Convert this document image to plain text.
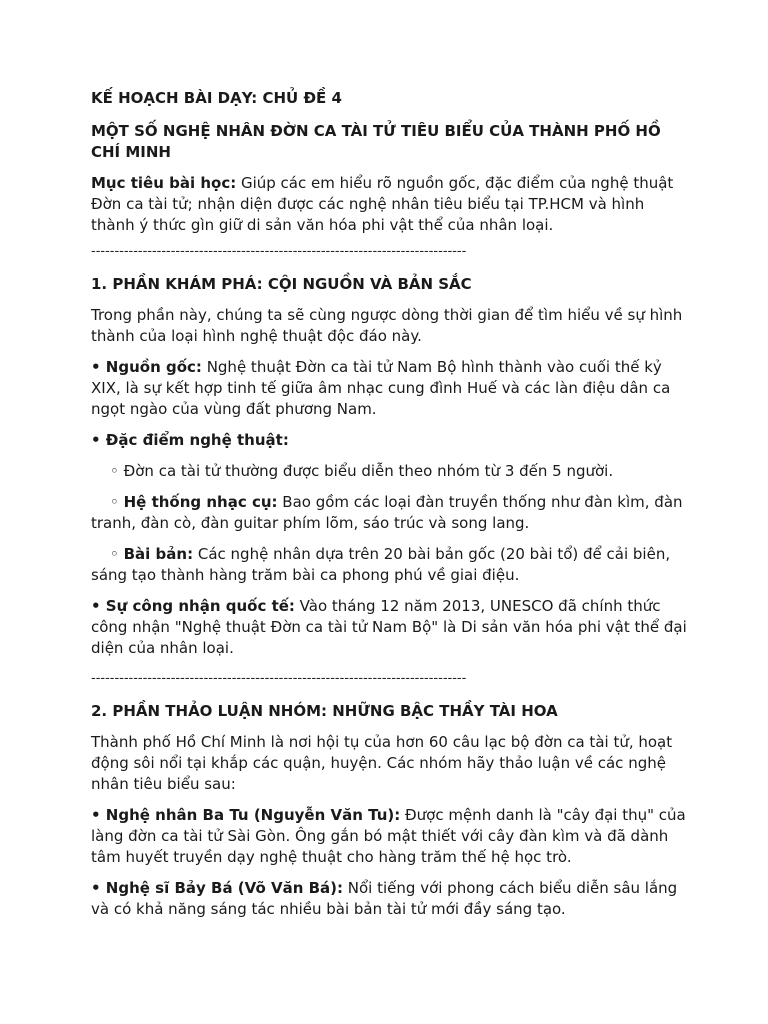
KẾ HOẠCH BÀI DẠY: CHỦ ĐỀ 4

MỘT SỐ NGHỆ NHÂN ĐỜN CA TÀI TỬ TIÊU BIỂU CỦA THÀNH PHỐ HỒ CHÍ MINH

Mục tiêu bài học: Giúp các em hiểu rõ nguồn gốc, đặc điểm của nghệ thuật Đờn ca tài tử; nhận diện được các nghệ nhân tiêu biểu tại TP.HCM và hình thành ý thức gìn giữ di sản văn hóa phi vật thể của nhân loại.

--------------------------------------------------------------------------------

1. PHẦN KHÁM PHÁ: CỘI NGUỒN VÀ BẢN SẮC

Trong phần này, chúng ta sẽ cùng ngược dòng thời gian để tìm hiểu về sự hình thành của loại hình nghệ thuật độc đáo này.

• Nguồn gốc: Nghệ thuật Đờn ca tài tử Nam Bộ hình thành vào cuối thế kỷ XIX, là sự kết hợp tinh tế giữa âm nhạc cung đình Huế và các làn điệu dân ca ngọt ngào của vùng đất phương Nam.

• Đặc điểm nghệ thuật:

◦ Đờn ca tài tử thường được biểu diễn theo nhóm từ 3 đến 5 người.

◦ Hệ thống nhạc cụ: Bao gồm các loại đàn truyền thống như đàn kìm, đàn tranh, đàn cò, đàn guitar phím lõm, sáo trúc và song lang.

◦ Bài bản: Các nghệ nhân dựa trên 20 bài bản gốc (20 bài tổ) để cải biên, sáng tạo thành hàng trăm bài ca phong phú về giai điệu.

• Sự công nhận quốc tế: Vào tháng 12 năm 2013, UNESCO đã chính thức công nhận "Nghệ thuật Đờn ca tài tử Nam Bộ" là Di sản văn hóa phi vật thể đại diện của nhân loại.

--------------------------------------------------------------------------------

2. PHẦN THẢO LUẬN NHÓM: NHỮNG BẬC THẦY TÀI HOA

Thành phố Hồ Chí Minh là nơi hội tụ của hơn 60 câu lạc bộ đờn ca tài tử, hoạt động sôi nổi tại khắp các quận, huyện. Các nhóm hãy thảo luận về các nghệ nhân tiêu biểu sau:

• Nghệ nhân Ba Tu (Nguyễn Văn Tu): Được mệnh danh là "cây đại thụ" của làng đờn ca tài tử Sài Gòn. Ông gắn bó mật thiết với cây đàn kìm và đã dành tâm huyết truyền dạy nghệ thuật cho hàng trăm thế hệ học trò.

• Nghệ sĩ Bảy Bá (Võ Văn Bá): Nổi tiếng với phong cách biểu diễn sâu lắng và có khả năng sáng tác nhiều bài bản tài tử mới đầy sáng tạo.
